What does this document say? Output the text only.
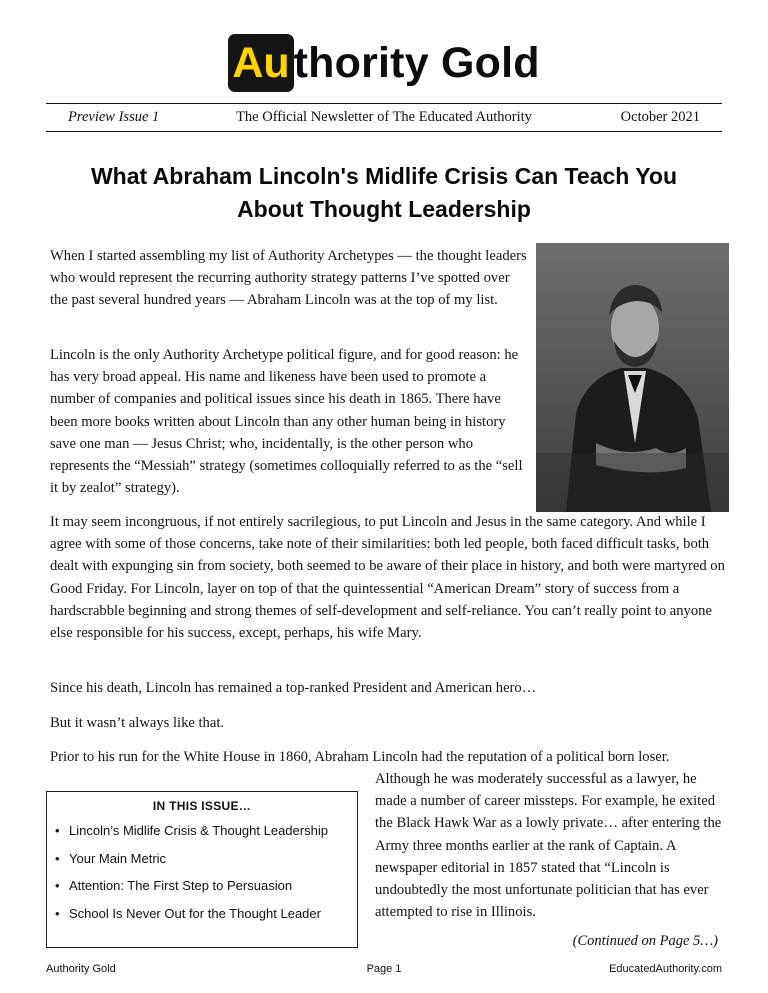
Au thority Gold
The Official Newsletter of The Educated Authority
Preview Issue 1	October 2021
What Abraham Lincoln's Midlife Crisis Can Teach You About Thought Leadership

When I started assembling my list of Authority Archetypes — the thought leaders who would represent the recurring authority strategy patterns I’ve spotted over the past several hundred years — Abraham Lincoln was at the top of my list.

Lincoln is the only Authority Archetype political figure, and for good reason: he has very broad appeal. His name and likeness have been used to promote a number of companies and political issues since his death in 1865. There have been more books written about Lincoln than any other human being in history save one man — Jesus Christ; who, incidentally, is the other person who represents the “Messiah” strategy (sometimes colloquially referred to as the “sell it by zealot” strategy).

It may seem incongruous, if not entirely sacrilegious, to put Lincoln and Jesus in the same category. And while I agree with some of those concerns, take note of their similarities: both led people, both faced difficult tasks, both dealt with expunging sin from society, both seemed to be aware of their place in history, and both were martyred on Good Friday. For Lincoln, layer on top of that the quintessential “American Dream” story of success from a hardscrabble beginning and strong themes of self-development and self-reliance. You can’t really point to anyone else responsible for his success, except, perhaps, his wife Mary.

Since his death, Lincoln has remained a top-ranked President and American hero…

But it wasn’t always like that.

Prior to his run for the White House in 1860, Abraham Lincoln had the reputation of a political born loser.

Although he was moderately successful as a lawyer, he made a number of career missteps. For example, he exited the Black Hawk War as a lowly private… after entering the Army three months earlier at the rank of Captain. A newspaper editorial in 1857 stated that “Lincoln is undoubtedly the most unfortunate politician that has ever attempted to rise in Illinois.

IN THIS ISSUE…
• Lincoln’s Midlife Crisis & Thought Leadership
• Your Main Metric
• Attention: The First Step to Persuasion
• School Is Never Out for the Thought Leader
(Continued on Page 5…)
Authority Gold	Page 1	EducatedAuthority.com
